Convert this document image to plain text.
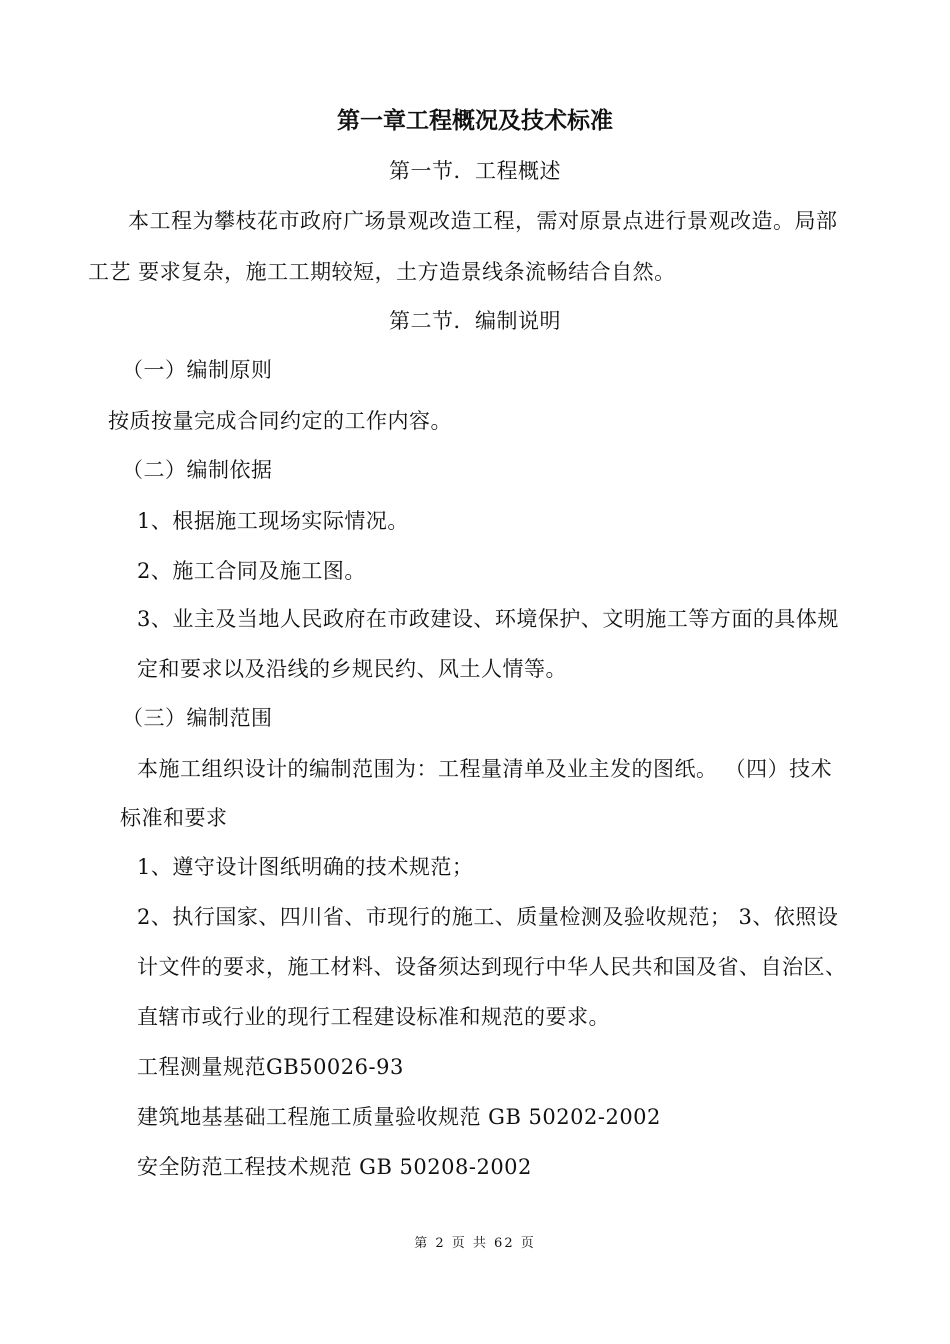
第一章工程概况及技术标准
第一节．工程概述
本工程为攀枝花市政府广场景观改造工程，需对原景点进行景观改造。局部
工艺 要求复杂，施工工期较短，土方造景线条流畅结合自然。
第二节．编制说明
（一）编制原则
按质按量完成合同约定的工作内容。
（二）编制依据
1、根据施工现场实际情况。
2、施工合同及施工图。
3、业主及当地人民政府在市政建设、环境保护、文明施工等方面的具体规
定和要求以及沿线的乡规民约、风土人情等。
（三）编制范围
本施工组织设计的编制范围为：工程量清单及业主发的图纸。 （四）技术
标准和要求
1、遵守设计图纸明确的技术规范；
2、执行国家、四川省、市现行的施工、质量检测及验收规范； 3、依照设
计文件的要求，施工材料、设备须达到现行中华人民共和国及省、自治区、
直辖市或行业的现行工程建设标准和规范的要求。
工程测量规范GB50026-93
建筑地基基础工程施工质量验收规范 GB 50202-2002
安全防范工程技术规范 GB 50208-2002
第 2 页 共 62 页
